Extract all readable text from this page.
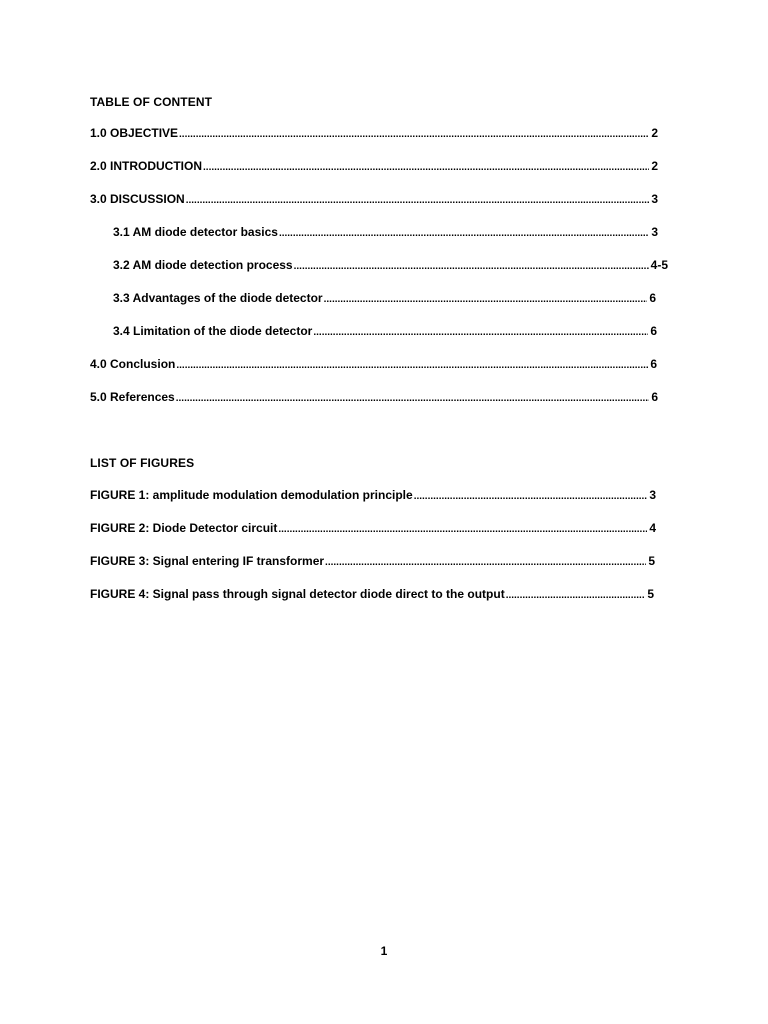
TABLE OF CONTENT
1.0 OBJECTIVE .....	2
2.0 INTRODUCTION .....	2
3.0 DISCUSSION .....	3
3.1 AM diode detector basics .....	3
3.2 AM diode detection process .....	4-5
3.3 Advantages of the diode detector .....	6
3.4 Limitation of the diode detector .....	6
4.0 Conclusion .....	6
5.0 References .....	6
LIST OF FIGURES
FIGURE 1: amplitude modulation demodulation principle .....	3
FIGURE 2: Diode Detector circuit .....	4
FIGURE 3: Signal entering IF transformer .....	5
FIGURE 4: Signal pass through signal detector diode direct to the output .....	5
1
